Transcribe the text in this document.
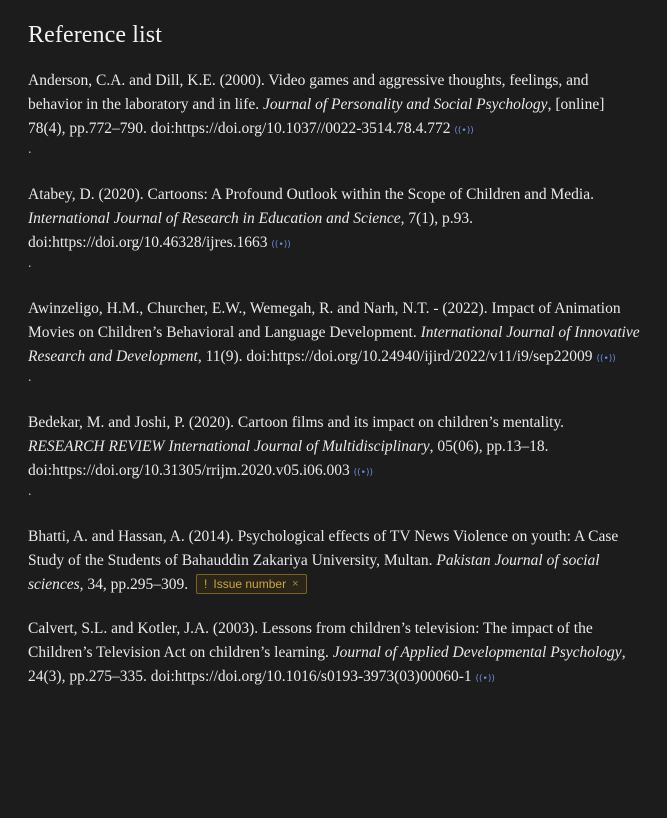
Reference list
Anderson, C.A. and Dill, K.E. (2000). Video games and aggressive thoughts, feelings, and behavior in the laboratory and in life. Journal of Personality and Social Psychology, [online] 78(4), pp.772–790. doi:https://doi.org/10.1037//0022-3514.78.4.772 ((•))
.
Atabey, D. (2020). Cartoons: A Profound Outlook within the Scope of Children and Media. International Journal of Research in Education and Science, 7(1), p.93. doi:https://doi.org/10.46328/ijres.1663 ((•))
.
Awinzeligo, H.M., Churcher, E.W., Wemegah, R. and Narh, N.T. - (2022). Impact of Animation Movies on Children’s Behavioral and Language Development. International Journal of Innovative Research and Development, 11(9). doi:https://doi.org/10.24940/ijird/2022/v11/i9/sep22009 ((•))
.
Bedekar, M. and Joshi, P. (2020). Cartoon films and its impact on children’s mentality. RESEARCH REVIEW International Journal of Multidisciplinary, 05(06), pp.13–18. doi:https://doi.org/10.31305/rrijm.2020.v05.i06.003 ((•))
.
Bhatti, A. and Hassan, A. (2014). Psychological effects of TV News Violence on youth: A Case Study of the Students of Bahauddin Zakariya University, Multan. Pakistan Journal of social sciences, 34, pp.295–309. ! Issue number ×
Calvert, S.L. and Kotler, J.A. (2003). Lessons from children’s television: The impact of the Children’s Television Act on children’s learning. Journal of Applied Developmental Psychology, 24(3), pp.275–335. doi:https://doi.org/10.1016/s0193-3973(03)00060-1 ((•))
